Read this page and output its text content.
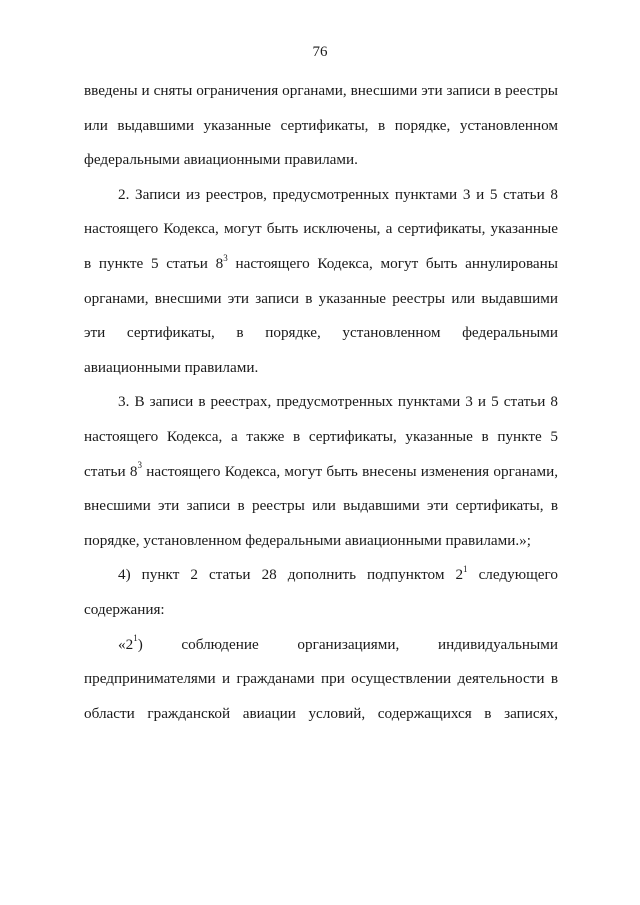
76

введены и сняты ограничения органами, внесшими эти записи в реестры или выдавшими указанные сертификаты, в порядке, установленном федеральными авиационными правилами.

2. Записи из реестров, предусмотренных пунктами 3 и 5 статьи 8 настоящего Кодекса, могут быть исключены, а сертификаты, указанные в пункте 5 статьи $8^3$ настоящего Кодекса, могут быть аннулированы органами, внесшими эти записи в указанные реестры или выдавшими эти сертификаты, в порядке, установленном федеральными авиационными правилами.

3. В записи в реестрах, предусмотренных пунктами 3 и 5 статьи 8 настоящего Кодекса, а также в сертификаты, указанные в пункте 5 статьи $8^3$ настоящего Кодекса, могут быть внесены изменения органами, внесшими эти записи в реестры или выдавшими эти сертификаты, в порядке, установленном федеральными авиационными правилами.»;

4) пункт 2 статьи 28 дополнить подпунктом $2^1$ следующего содержания:

«$2^1$) соблюдение организациями, индивидуальными предпринимателями и гражданами при осуществлении деятельности в области гражданской авиации условий, содержащихся в записях,
